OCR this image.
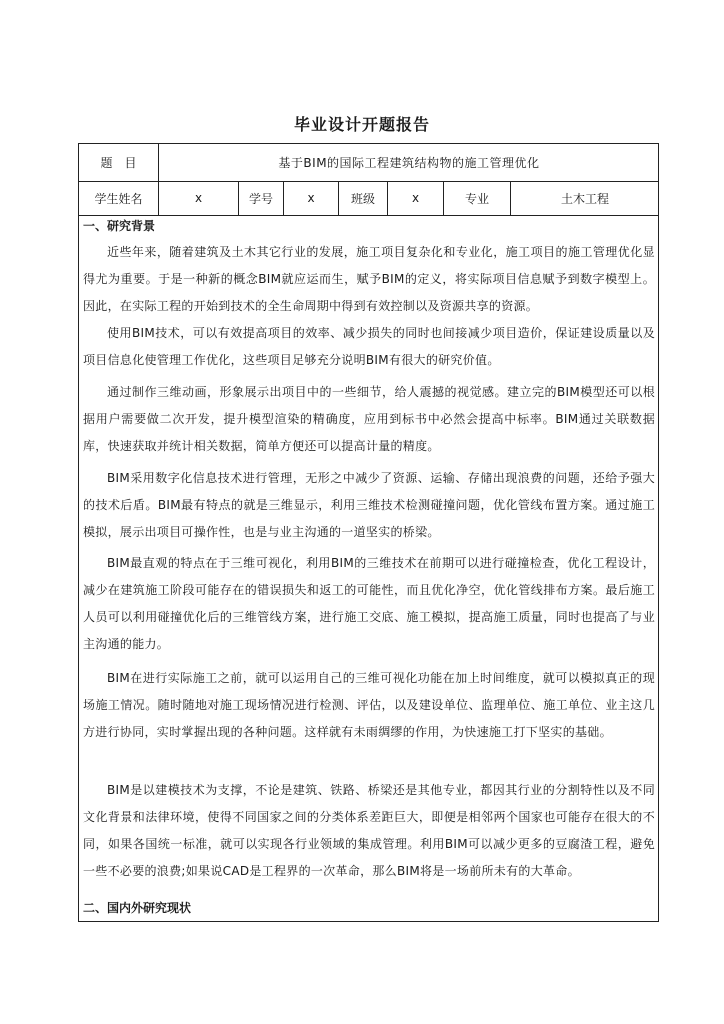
毕业设计开题报告
题　目	基于BIM的国际工程建筑结构物的施工管理优化
学生姓名	x	学号	x	班级	x	专业	土木工程
一、研究背景
近些年来，随着建筑及土木其它行业的发展，施工项目复杂化和专业化，施工项目的施工管理优化显得尤为重要。于是一种新的概念BIM就应运而生，赋予BIM的定义，将实际项目信息赋予到数字模型上。因此，在实际工程的开始到技术的全生命周期中得到有效控制以及资源共享的资源。
使用BIM技术，可以有效提高项目的效率、减少损失的同时也间接减少项目造价，保证建设质量以及项目信息化使管理工作优化，这些项目足够充分说明BIM有很大的研究价值。
通过制作三维动画，形象展示出项目中的一些细节，给人震撼的视觉感。建立完的BIM模型还可以根据用户需要做二次开发，提升模型渲染的精确度，应用到标书中必然会提高中标率。BIM通过关联数据库，快速获取并统计相关数据，简单方便还可以提高计量的精度。
BIM采用数字化信息技术进行管理，无形之中减少了资源、运输、存储出现浪费的问题，还给予强大的技术后盾。BIM最有特点的就是三维显示，利用三维技术检测碰撞问题，优化管线布置方案。通过施工模拟，展示出项目可操作性，也是与业主沟通的一道坚实的桥梁。
BIM最直观的特点在于三维可视化，利用BIM的三维技术在前期可以进行碰撞检查，优化工程设计，减少在建筑施工阶段可能存在的错误损失和返工的可能性，而且优化净空，优化管线排布方案。最后施工人员可以利用碰撞优化后的三维管线方案，进行施工交底、施工模拟，提高施工质量，同时也提高了与业主沟通的能力。
BIM在进行实际施工之前，就可以运用自己的三维可视化功能在加上时间维度，就可以模拟真正的现场施工情况。随时随地对施工现场情况进行检测、评估，以及建设单位、监理单位、施工单位、业主这几方进行协同，实时掌握出现的各种问题。这样就有未雨绸缪的作用，为快速施工打下坚实的基础。
BIM是以建模技术为支撑，不论是建筑、铁路、桥梁还是其他专业，都因其行业的分割特性以及不同文化背景和法律环境，使得不同国家之间的分类体系差距巨大，即便是相邻两个国家也可能存在很大的不同，如果各国统一标准，就可以实现各行业领域的集成管理。利用BIM可以减少更多的豆腐渣工程，避免一些不必要的浪费;如果说CAD是工程界的一次革命，那么BIM将是一场前所未有的大革命。
二、国内外研究现状
